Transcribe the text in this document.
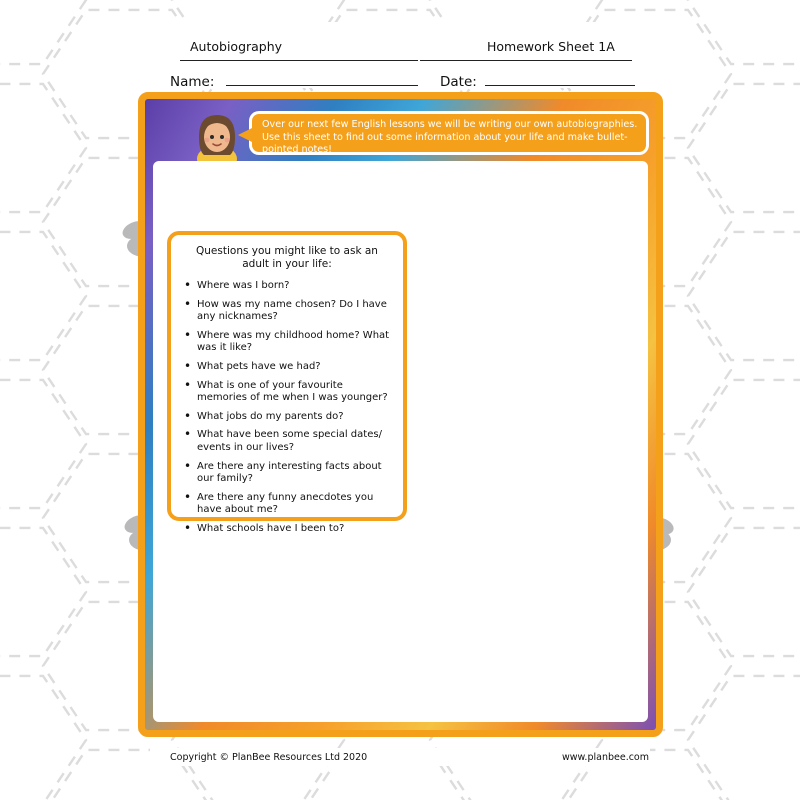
Autobiography	Homework Sheet 1A
Name:	Date:
Over our next few English lessons we will be writing our own autobiographies. Use this sheet to find out some information about your life and make bullet-pointed notes!
Questions you might like to ask an adult in your life:
• Where was I born?
• How was my name chosen? Do I have any nicknames?
• Where was my childhood home? What was it like?
• What pets have we had?
• What is one of your favourite memories of me when I was younger?
• What jobs do my parents do?
• What have been some special dates/ events in our lives?
• Are there any interesting facts about our family?
• Are there any funny anecdotes you have about me?
• What schools have I been to?
Copyright © PlanBee Resources Ltd 2020	www.planbee.com
